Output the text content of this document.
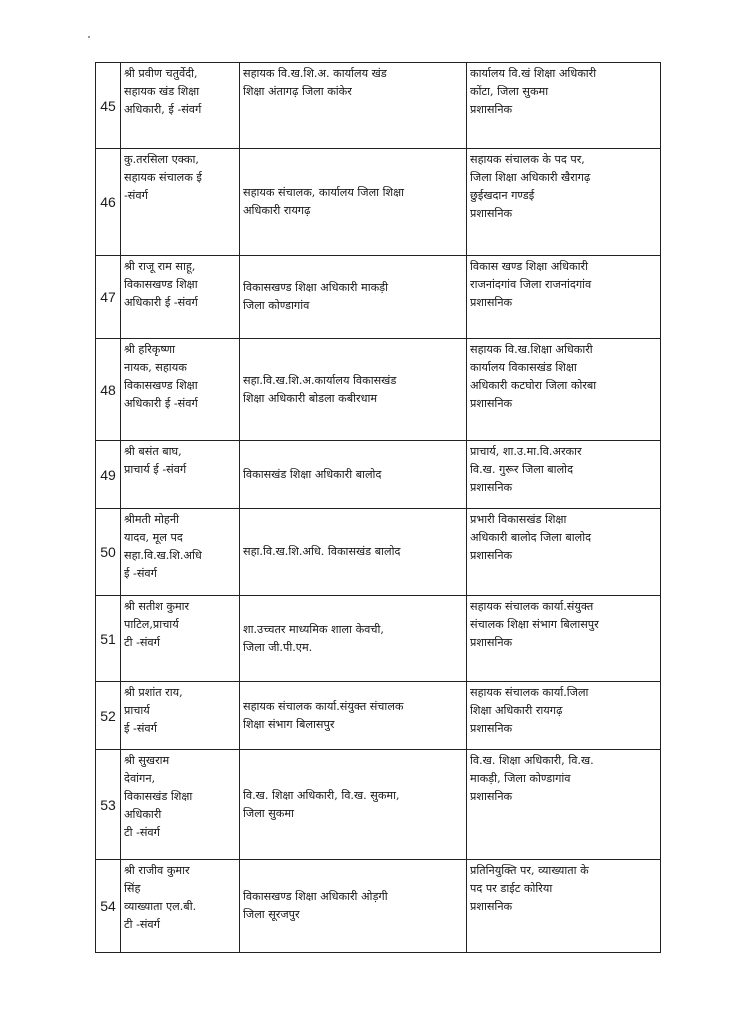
45	श्री प्रवीण चतुर्वेदी,
सहायक खंड शिक्षा
अधिकारी, ई -संवर्ग	सहायक वि.ख.शि.अ. कार्यालय खंड
शिक्षा अंतागढ़ जिला कांकेर	कार्यालय वि.खं शिक्षा अधिकारी
कोंटा, जिला सुकमा
प्रशासनिक

46	कु.तरसिला एक्का,
सहायक संचालक ई
-संवर्ग	सहायक संचालक, कार्यालय जिला शिक्षा
अधिकारी रायगढ़	सहायक संचालक के पद पर,
जिला शिक्षा अधिकारी खैरागढ़
छुईखदान गण्डई
प्रशासनिक

47	श्री राजू राम साहू,
विकासखण्ड शिक्षा
अधिकारी ई -संवर्ग	विकासखण्ड शिक्षा अधिकारी माकड़ी
जिला कोण्डागांव	विकास खण्ड शिक्षा अधिकारी
राजनांदगांव जिला राजनांदगांव
प्रशासनिक

48	श्री हरिकृष्णा
नायक, सहायक
विकासखण्ड शिक्षा
अधिकारी ई -संवर्ग	सहा.वि.ख.शि.अ.कार्यालय विकासखंड
शिक्षा अधिकारी बोडला कबीरधाम	सहायक वि.ख.शिक्षा अधिकारी
कार्यालय विकासखंड शिक्षा
अधिकारी कटघोरा जिला कोरबा
प्रशासनिक

49	श्री बसंत बाघ,
प्राचार्य ई -संवर्ग	विकासखंड शिक्षा अधिकारी बालोद	प्राचार्य, शा.उ.मा.वि.अरकार
वि.ख. गुरूर जिला बालोद
प्रशासनिक

50	श्रीमती मोहनी
यादव, मूल पद
सहा.वि.ख.शि.अधि
ई -संवर्ग	सहा.वि.ख.शि.अधि. विकासखंड बालोद	प्रभारी विकासखंड शिक्षा
अधिकारी बालोद जिला बालोद
प्रशासनिक

51	श्री सतीश कुमार
पाटिल,प्राचार्य
टी -संवर्ग	शा.उच्चतर माध्यमिक शाला केवची,
जिला जी.पी.एम.	सहायक संचालक कार्या.संयुक्त
संचालक शिक्षा संभाग बिलासपुर
प्रशासनिक

52	श्री प्रशांत राय,
प्राचार्य
ई -संवर्ग	सहायक संचालक कार्या.संयुक्त संचालक
शिक्षा संभाग बिलासपुर	सहायक संचालक कार्या.जिला
शिक्षा अधिकारी रायगढ़
प्रशासनिक

53	श्री सुखराम
देवांगन,
विकासखंड शिक्षा
अधिकारी
टी -संवर्ग	वि.ख. शिक्षा अधिकारी, वि.ख. सुकमा,
जिला सुकमा	वि.ख. शिक्षा अधिकारी, वि.ख.
माकड़ी, जिला कोण्डागांव
प्रशासनिक

54	श्री राजीव कुमार
सिंह
व्याख्याता एल.बी.
टी -संवर्ग	विकासखण्ड शिक्षा अधिकारी ओड़गी
जिला सूरजपुर	प्रतिनियुक्ति पर, व्याख्याता के
पद पर डाईट कोरिया
प्रशासनिक
